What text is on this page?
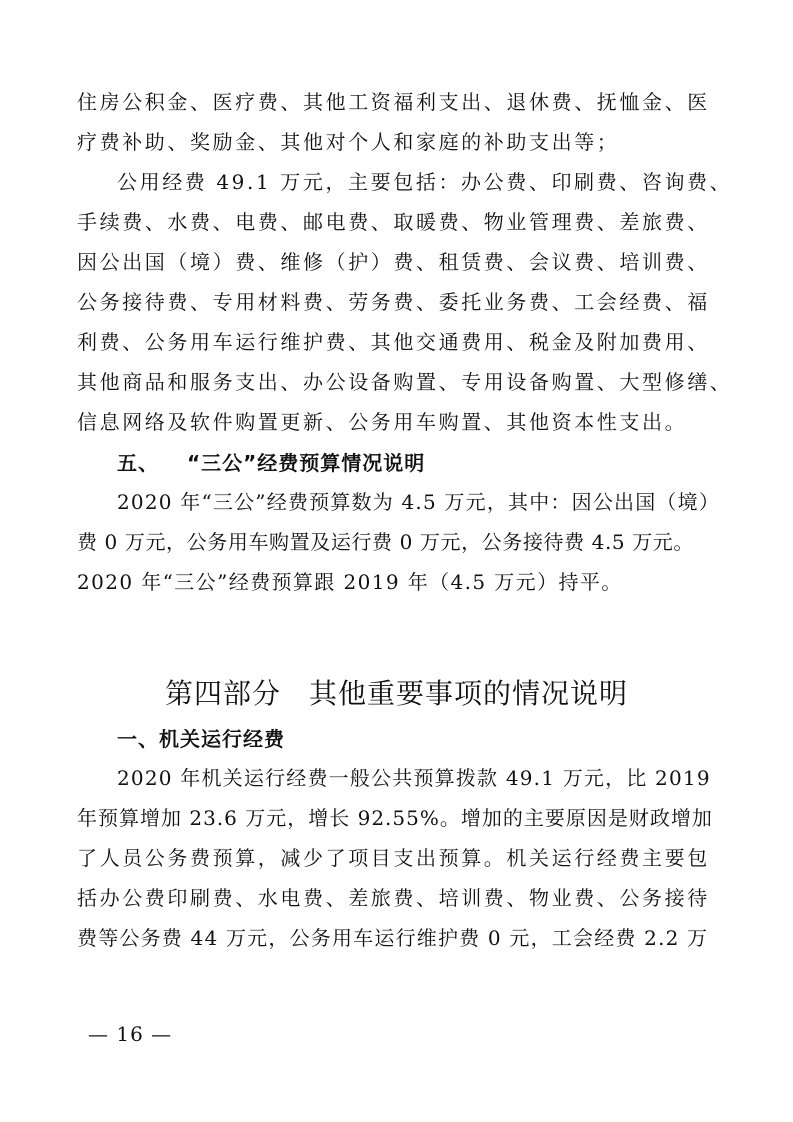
住房公积金、医疗费、其他工资福利支出、退休费、抚恤金、医
疗费补助、奖励金、其他对个人和家庭的补助支出等；
公用经费 49.1 万元，主要包括：办公费、印刷费、咨询费、
手续费、水费、电费、邮电费、取暖费、物业管理费、差旅费、
因公出国（境）费、维修（护）费、租赁费、会议费、培训费、
公务接待费、专用材料费、劳务费、委托业务费、工会经费、福
利费、公务用车运行维护费、其他交通费用、税金及附加费用、
其他商品和服务支出、办公设备购置、专用设备购置、大型修缮、
信息网络及软件购置更新、公务用车购置、其他资本性支出。
五、 “三公”经费预算情况说明
2020 年“三公”经费预算数为 4.5 万元，其中：因公出国（境）
费 0 万元，公务用车购置及运行费 0 万元，公务接待费 4.5 万元。
2020 年“三公”经费预算跟 2019 年（4.5 万元）持平。
第四部分 其他重要事项的情况说明
一、机关运行经费
2020 年机关运行经费一般公共预算拨款 49.1 万元，比 2019
年预算增加 23.6 万元，增长 92.55%。增加的主要原因是财政增加
了人员公务费预算，减少了项目支出预算。机关运行经费主要包
括办公费印刷费、水电费、差旅费、培训费、物业费、公务接待
费等公务费 44 万元，公务用车运行维护费 0 元，工会经费 2.2 万
— 16 —
